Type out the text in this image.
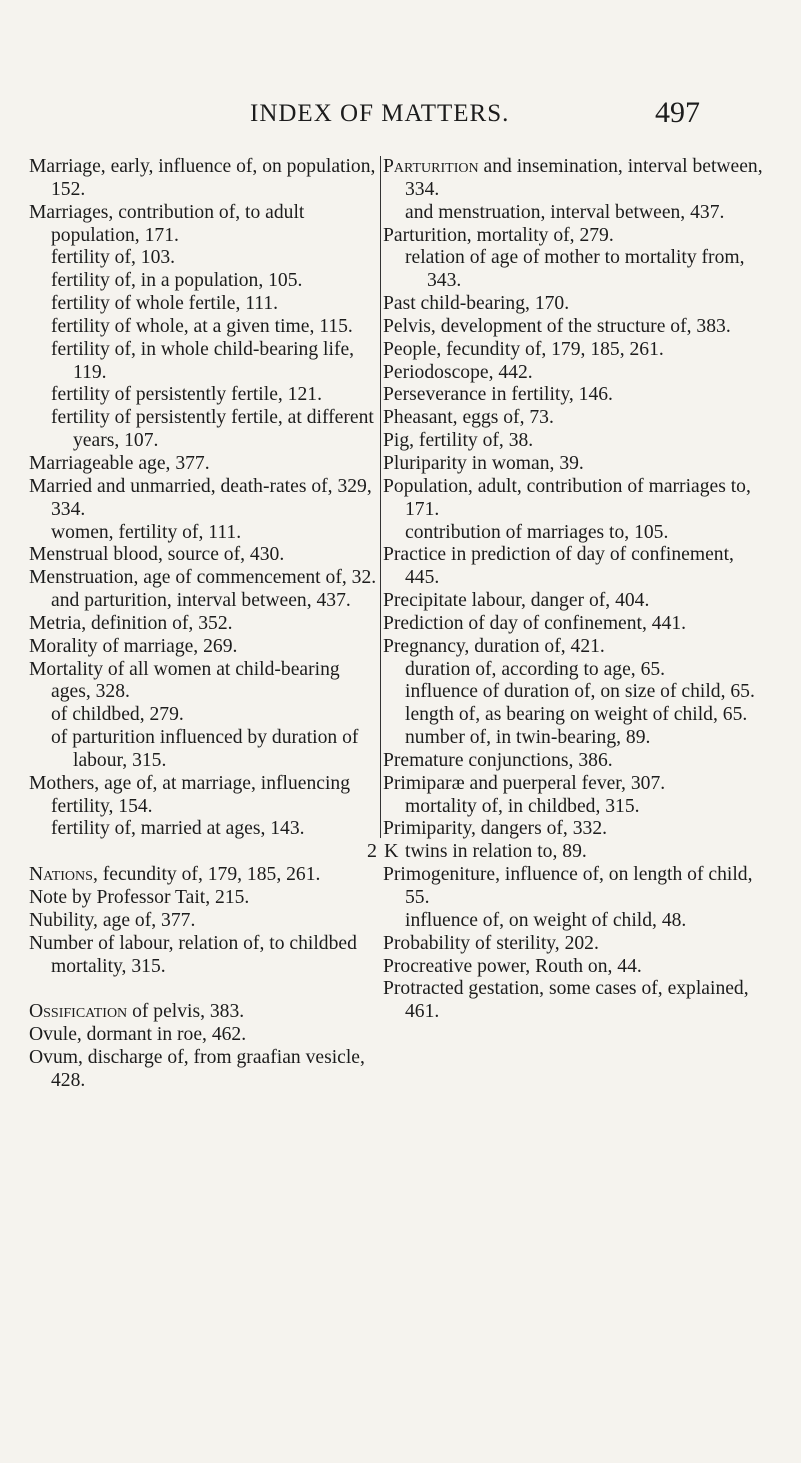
INDEX OF MATTERS.	497

Marriage, early, influence of, on population, 152.

Marriages, contribution of, to adult population, 171.

fertility of, 103.

fertility of, in a population, 105.

fertility of whole fertile, 111.

fertility of whole, at a given time, 115.

fertility of, in whole child-bearing life, 119.

fertility of persistently fertile, 121.

fertility of persistently fertile, at different years, 107.

Marriageable age, 377.

Married and unmarried, death-rates of, 329, 334.

women, fertility of, 111.

Menstrual blood, source of, 430.

Menstruation, age of commencement of, 32.

and parturition, interval between, 437.

Metria, definition of, 352.

Morality of marriage, 269.

Mortality of all women at child-bearing ages, 328.

of childbed, 279.

of parturition influenced by duration of labour, 315.

Mothers, age of, at marriage, influencing fertility, 154.

fertility of, married at ages, 143.

Nations, fecundity of, 179, 185, 261.

Note by Professor Tait, 215.

Nubility, age of, 377.

Number of labour, relation of, to childbed mortality, 315.

Ossification of pelvis, 383.

Ovule, dormant in roe, 462.

Ovum, discharge of, from graafian vesicle, 428.

Parturition and insemination, interval between, 334.

and menstruation, interval between, 437.

Parturition, mortality of, 279.

relation of age of mother to mortality from, 343.

Past child-bearing, 170.

Pelvis, development of the structure of, 383.

People, fecundity of, 179, 185, 261.

Periodoscope, 442.

Perseverance in fertility, 146.

Pheasant, eggs of, 73.

Pig, fertility of, 38.

Pluriparity in woman, 39.

Population, adult, contribution of marriages to, 171.

contribution of marriages to, 105.

Practice in prediction of day of confinement, 445.

Precipitate labour, danger of, 404.

Prediction of day of confinement, 441.

Pregnancy, duration of, 421.

duration of, according to age, 65.

influence of duration of, on size of child, 65.

length of, as bearing on weight of child, 65.

number of, in twin-bearing, 89.

Premature conjunctions, 386.

Primiparæ and puerperal fever, 307.

mortality of, in childbed, 315.

Primiparity, dangers of, 332.

twins in relation to, 89.

Primogeniture, influence of, on length of child, 55.

influence of, on weight of child, 48.

Probability of sterility, 202.

Procreative power, Routh on, 44.

Protracted gestation, some cases of, explained, 461.

2 K
